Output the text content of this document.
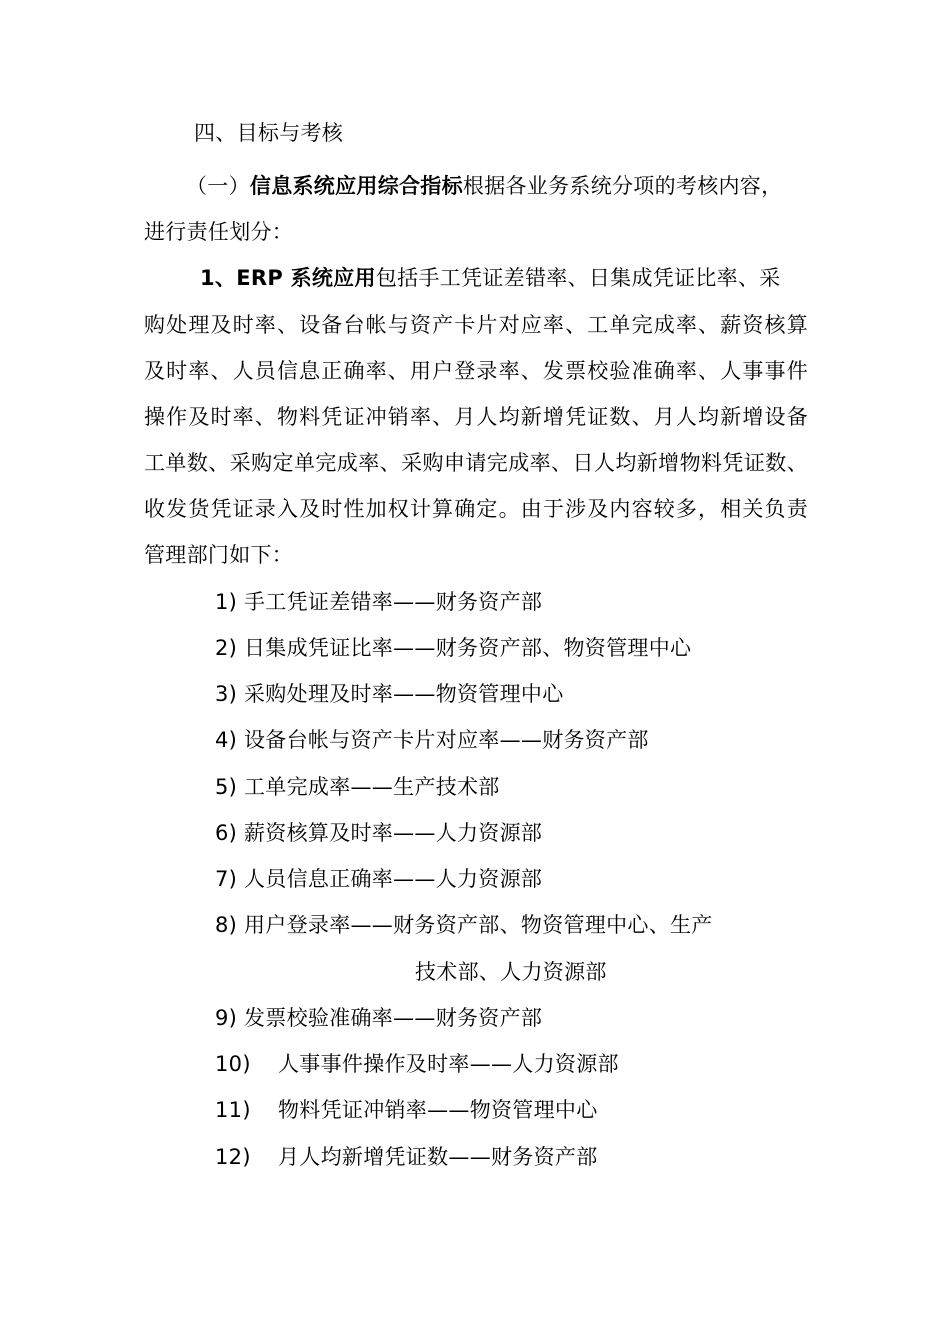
四、目标与考核
（一）信息系统应用综合指标根据各业务系统分项的考核内容，
进行责任划分：
1、ERP 系统应用包括手工凭证差错率、日集成凭证比率、采
购处理及时率、设备台帐与资产卡片对应率、工单完成率、薪资核算
及时率、人员信息正确率、用户登录率、发票校验准确率、人事事件
操作及时率、物料凭证冲销率、月人均新增凭证数、月人均新增设备
工单数、采购定单完成率、采购申请完成率、日人均新增物料凭证数、
收发货凭证录入及时性加权计算确定。由于涉及内容较多，相关负责
管理部门如下：
1) 手工凭证差错率——财务资产部
2) 日集成凭证比率——财务资产部、物资管理中心
3) 采购处理及时率——物资管理中心
4) 设备台帐与资产卡片对应率——财务资产部
5) 工单完成率——生产技术部
6) 薪资核算及时率——人力资源部
7) 人员信息正确率——人力资源部
8) 用户登录率——财务资产部、物资管理中心、生产
技术部、人力资源部
9) 发票校验准确率——财务资产部
10) 人事事件操作及时率——人力资源部
11) 物料凭证冲销率——物资管理中心
12) 月人均新增凭证数——财务资产部
